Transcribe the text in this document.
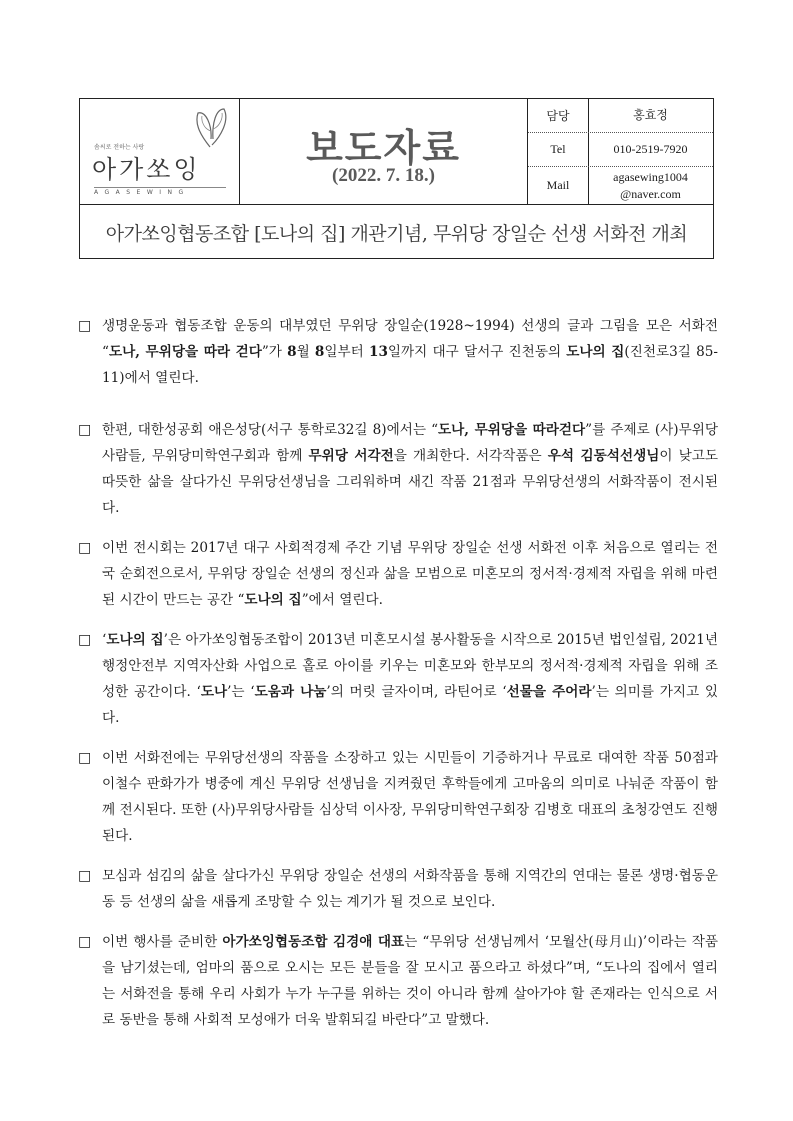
솜씨로 전하는 사랑
아가쏘잉
AGASEWING
보도자료
(2022. 7. 18.)
담당	홍효정
Tel	010-2519-7920
Mail
agasewing1004
@naver.com
아가쏘잉협동조합 [도나의 집] 개관기념, 무위당 장일순 선생 서화전 개최
□ 생명운동과 협동조합 운동의 대부였던 무위당 장일순(1928~1994) 선생의 글과 그림을 모은 서화전 “도나, 무위당을 따라 걷다”가 8월 8일부터 13일까지 대구 달서구 진천동의 도나의 집(진천로3길 85-11)에서 열린다.
□ 한편, 대한성공회 애은성당(서구 통학로32길 8)에서는 “도나, 무위당을 따라걷다”를 주제로 (사)무위당사람들, 무위당미학연구회과 함께 무위당 서각전을 개최한다. 서각작품은 우석 김동석선생님이 낮고도 따뜻한 삶을 살다가신 무위당선생님을 그리워하며 새긴 작품 21점과 무위당선생의 서화작품이 전시된다.
□ 이번 전시회는 2017년 대구 사회적경제 주간 기념 무위당 장일순 선생 서화전 이후 처음으로 열리는 전국 순회전으로서, 무위당 장일순 선생의 정신과 삶을 모범으로 미혼모의 정서적·경제적 자립을 위해 마련된 시간이 만드는 공간 “도나의 집”에서 열린다.
□ ‘도나의 집’은 아가쏘잉협동조합이 2013년 미혼모시설 봉사활동을 시작으로 2015년 법인설립, 2021년 행정안전부 지역자산화 사업으로 홀로 아이를 키우는 미혼모와 한부모의 정서적·경제적 자립을 위해 조성한 공간이다. ‘도나’는 ‘도움과 나눔’의 머릿 글자이며, 라틴어로 ‘선물을 주어라’는 의미를 가지고 있다.
□ 이번 서화전에는 무위당선생의 작품을 소장하고 있는 시민들이 기증하거나 무료로 대여한 작품 50점과 이철수 판화가가 병중에 계신 무위당 선생님을 지켜줬던 후학들에게 고마움의 의미로 나눠준 작품이 함께 전시된다. 또한 (사)무위당사람들 심상덕 이사장, 무위당미학연구회장 김병호 대표의 초청강연도 진행된다.
□ 모심과 섬김의 삶을 살다가신 무위당 장일순 선생의 서화작품을 통해 지역간의 연대는 물론 생명·협동운동 등 선생의 삶을 새롭게 조망할 수 있는 계기가 될 것으로 보인다.
□ 이번 행사를 준비한 아가쏘잉협동조합 김경애 대표는 “무위당 선생님께서 ‘모월산(母月山)’이라는 작품을 남기셨는데, 엄마의 품으로 오시는 모든 분들을 잘 모시고 품으라고 하셨다”며, “도나의 집에서 열리는 서화전을 통해 우리 사회가 누가 누구를 위하는 것이 아니라 함께 살아가야 할 존재라는 인식으로 서로 동반을 통해 사회적 모성애가 더욱 발휘되길 바란다”고 말했다.
